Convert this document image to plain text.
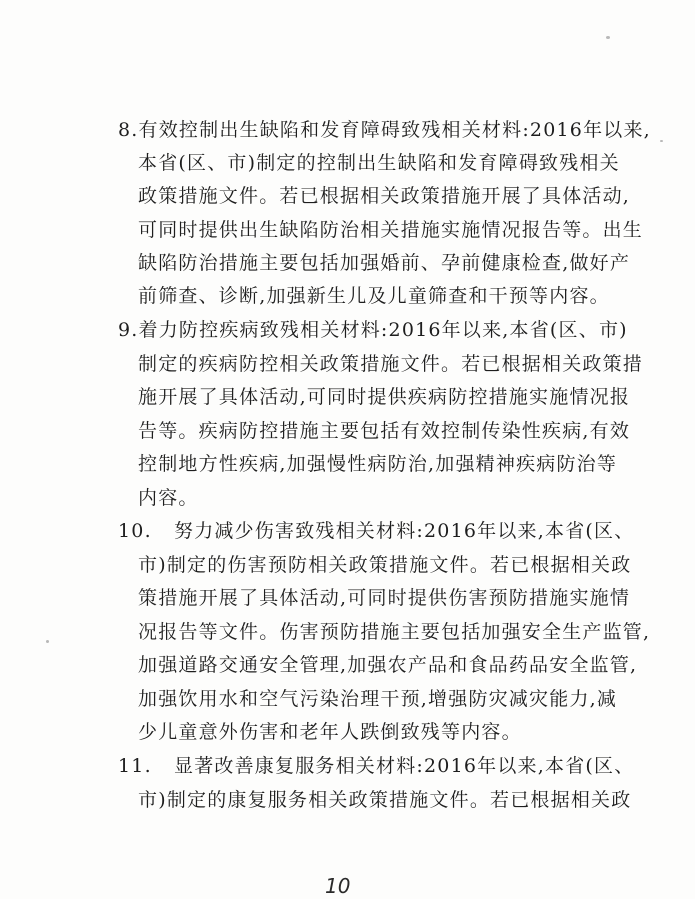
8.有效控制出生缺陷和发育障碍致残相关材料:2016年以来,
本省(区、市)制定的控制出生缺陷和发育障碍致残相关
政策措施文件。若已根据相关政策措施开展了具体活动,
可同时提供出生缺陷防治相关措施实施情况报告等。出生
缺陷防治措施主要包括加强婚前、孕前健康检查,做好产
前筛查、诊断,加强新生儿及儿童筛查和干预等内容。
9.着力防控疾病致残相关材料:2016年以来,本省(区、市)
制定的疾病防控相关政策措施文件。若已根据相关政策措
施开展了具体活动,可同时提供疾病防控措施实施情况报
告等。疾病防控措施主要包括有效控制传染性疾病,有效
控制地方性疾病,加强慢性病防治,加强精神疾病防治等
内容。
10. 努力减少伤害致残相关材料:2016年以来,本省(区、
市)制定的伤害预防相关政策措施文件。若已根据相关政
策措施开展了具体活动,可同时提供伤害预防措施实施情
况报告等文件。伤害预防措施主要包括加强安全生产监管,
加强道路交通安全管理,加强农产品和食品药品安全监管,
加强饮用水和空气污染治理干预,增强防灾减灾能力,减
少儿童意外伤害和老年人跌倒致残等内容。
11. 显著改善康复服务相关材料:2016年以来,本省(区、
市)制定的康复服务相关政策措施文件。若已根据相关政
10
